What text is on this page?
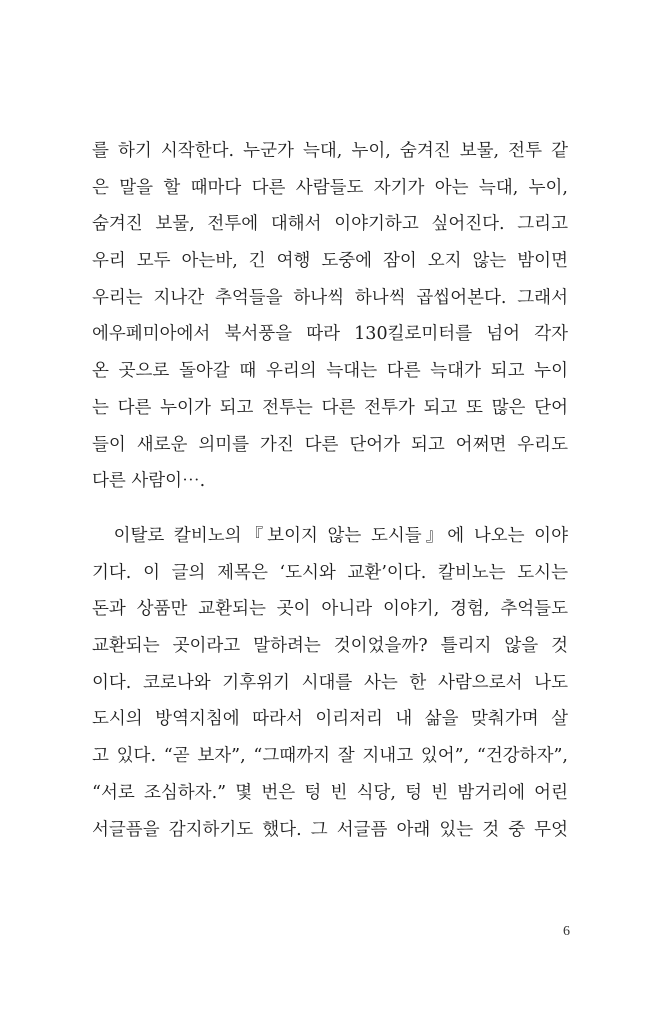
를 하기 시작한다. 누군가 늑대, 누이, 숨겨진 보물, 전투 같
은 말을 할 때마다 다른 사람들도 자기가 아는 늑대, 누이,
숨겨진 보물, 전투에 대해서 이야기하고 싶어진다. 그리고
우리 모두 아는바, 긴 여행 도중에 잠이 오지 않는 밤이면
우리는 지나간 추억들을 하나씩 하나씩 곱씹어본다. 그래서
에우페미아에서 북서풍을 따라 130킬로미터를 넘어 각자
온 곳으로 돌아갈 때 우리의 늑대는 다른 늑대가 되고 누이
는 다른 누이가 되고 전투는 다른 전투가 되고 또 많은 단어
들이 새로운 의미를 가진 다른 단어가 되고 어쩌면 우리도
다른 사람이⋯.
　이탈로 칼비노의『보이지 않는 도시들』에 나오는 이야
기다. 이 글의 제목은 ‘도시와 교환’이다. 칼비노는 도시는
돈과 상품만 교환되는 곳이 아니라 이야기, 경험, 추억들도
교환되는 곳이라고 말하려는 것이었을까? 틀리지 않을 것
이다. 코로나와 기후위기 시대를 사는 한 사람으로서 나도
도시의 방역지침에 따라서 이리저리 내 삶을 맞춰가며 살
고 있다. “곧 보자”, “그때까지 잘 지내고 있어”, “건강하자”,
“서로 조심하자.” 몇 번은 텅 빈 식당, 텅 빈 밤거리에 어린
서글픔을 감지하기도 했다. 그 서글픔 아래 있는 것 중 무엇
6
